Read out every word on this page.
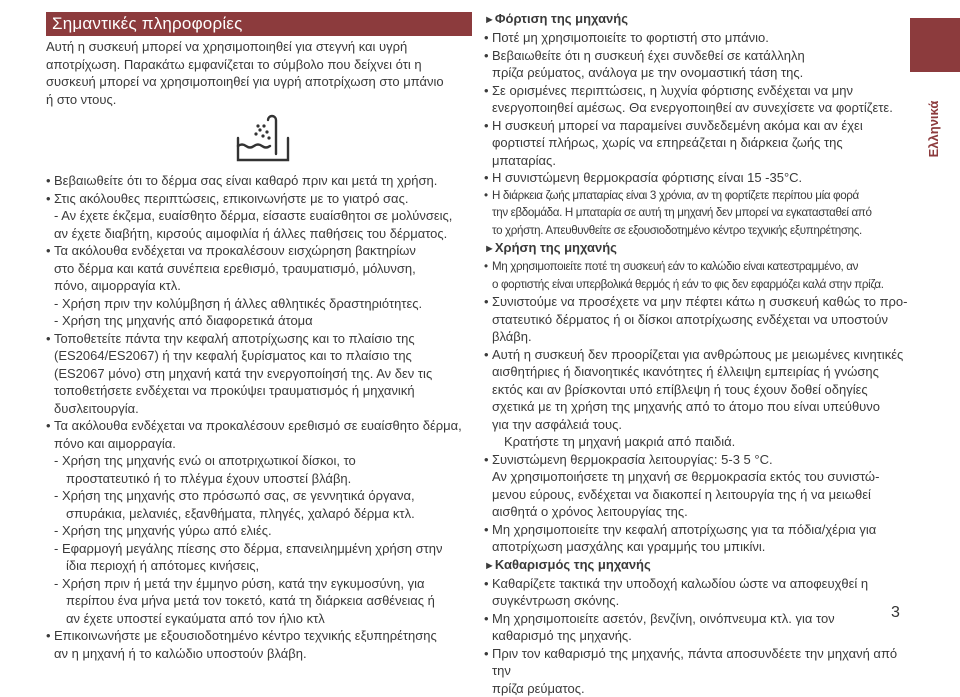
Σημαντικές πληροφορίες

Αυτή η συσκευή μπορεί να χρησιμοποιηθεί για στεγνή και υγρή

αποτρίχωση. Παρακάτω εμφανίζεται το σύμβολο που δείχνει ότι η

συσκευή μπορεί να χρησιμοποιηθεί για υγρή αποτρίχωση στο μπάνιο

ή στο ντους.

• Βεβαιωθείτε ότι το δέρμα σας είναι καθαρό πριν και μετά τη χρήση.

• Στις ακόλουθες περιπτώσεις, επικοινωνήστε με το γιατρό σας.

- Αν έχετε έκζεμα, ευαίσθητο δέρμα, είσαστε ευαίσθητοι σε μολύνσεις,

αν έχετε διαβήτη, κιρσούς αιμοφιλία ή άλλες παθήσεις του δέρματος.

• Τα ακόλουθα ενδέχεται να προκαλέσουν εισχώρηση βακτηρίων

στο δέρμα και κατά συνέπεια ερεθισμό, τραυματισμό, μόλυνση,

πόνο, αιμορραγία κτλ.

- Χρήση πριν την κολύμβηση ή άλλες αθλητικές δραστηριότητες.

- Χρήση της μηχανής από διαφορετικά άτομα

• Τοποθετείτε πάντα την κεφαλή αποτρίχωσης και το πλαίσιο της

(ES2064/ES2067) ή την κεφαλή ξυρίσματος και το πλαίσιο της

(ES2067 μόνο) στη μηχανή κατά την ενεργοποίησή της. Αν δεν τις

τοποθετήσετε ενδέχεται να προκύψει τραυματισμός ή μηχανική

δυσλειτουργία.

• Τα ακόλουθα ενδέχεται να προκαλέσουν ερεθισμό σε ευαίσθητο δέρμα,

πόνο και αιμορραγία.

- Χρήση της μηχανής ενώ οι αποτριχωτικοί δίσκοι, το

προστατευτικό ή το πλέγμα έχουν υποστεί βλάβη.

- Χρήση της μηχανής στο πρόσωπό σας, σε γεννητικά όργανα,

σπυράκια, μελανιές, εξανθήματα, πληγές, χαλαρό δέρμα κτλ.

- Χρήση της μηχανής γύρω από ελιές.

- Εφαρμογή μεγάλης πίεσης στο δέρμα, επανειλημμένη χρήση στην

ίδια περιοχή ή απότομες κινήσεις,

- Χρήση πριν ή μετά την έμμηνο ρύση, κατά την εγκυμοσύνη, για

περίπου ένα μήνα μετά τον τοκετό, κατά τη διάρκεια ασθένειας ή

αν έχετε υποστεί εγκαύματα από τον ήλιο κτλ

• Επικοινωνήστε με εξουσιοδοτημένο κέντρο τεχνικής εξυπηρέτησης

αν η μηχανή ή το καλώδιο υποστούν βλάβη.

►Φόρτιση της μηχανής

• Ποτέ μη χρησιμοποιείτε το φορτιστή στο μπάνιο.

• Βεβαιωθείτε ότι η συσκευή έχει συνδεθεί σε κατάλληλη

πρίζα ρεύματος, ανάλογα με την ονομαστική τάση της.

• Σε ορισμένες περιπτώσεις, η λυχνία φόρτισης ενδέχεται να μην

ενεργοποιηθεί αμέσως. Θα ενεργοποιηθεί αν συνεχίσετε να φορτίζετε.

• Η συσκευή μπορεί να παραμείνει συνδεδεμένη ακόμα και αν έχει

φορτιστεί πλήρως, χωρίς να επηρεάζεται η διάρκεια ζωής της μπαταρίας.

• Η συνιστώμενη θερμοκρασία φόρτισης είναι 15 -35°C.

• Η διάρκεια ζωής μπαταρίας είναι 3 χρόνια, αν τη φορτίζετε περίπου μία φορά

την εβδομάδα. Η μπαταρία σε αυτή τη μηχανή δεν μπορεί να εγκατασταθεί από

το χρήστη. Απευθυνθείτε σε εξουσιοδοτημένο κέντρο τεχνικής εξυπηρέτησης.

►Χρήση της μηχανής

• Μη χρησιμοποιείτε ποτέ τη συσκευή εάν το καλώδιο είναι κατεστραμμένο, αν

ο φορτιστής είναι υπερβολικά θερμός ή εάν το φις δεν εφαρμόζει καλά στην πρίζα.

• Συνιστούμε να προσέχετε να μην πέφτει κάτω η συσκευή καθώς το προ-

στατευτικό δέρματος ή οι δίσκοι αποτρίχωσης ενδέχεται να υποστούν βλάβη.

• Αυτή η συσκευή δεν προορίζεται για ανθρώπους με μειωμένες κινητικές

αισθητήριες ή διανοητικές ικανότητες ή έλλειψη εμπειρίας ή γνώσης

εκτός και αν βρίσκονται υπό επίβλεψη ή τους έχουν δοθεί οδηγίες

σχετικά με τη χρήση της μηχανής από το άτομο που είναι υπεύθυνο

για την ασφάλειά τους.

Κρατήστε τη μηχανή μακριά από παιδιά.

• Συνιστώμενη θερμοκρασία λειτουργίας: 5-3 5 °C.

Αν χρησιμοποιήσετε τη μηχανή σε θερμοκρασία εκτός του συνιστώ-

μενου εύρους, ενδέχεται να διακοπεί η λειτουργία της ή να μειωθεί

αισθητά ο χρόνος λειτουργίας της.

• Μη χρησιμοποιείτε την κεφαλή αποτρίχωσης για τα πόδια/χέρια για

αποτρίχωση μασχάλης και γραμμής του μπικίνι.

►Καθαρισμός της μηχανής

• Καθαρίζετε τακτικά την υποδοχή καλωδίου ώστε να αποφευχθεί η

συγκέντρωση σκόνης.

• Μη χρησιμοποιείτε ασετόν, βενζίνη, οινόπνευμα κτλ. για τον

καθαρισμό της μηχανής.

• Πριν τον καθαρισμό της μηχανής, πάντα αποσυνδέετε την μηχανή από την

πρίζα ρεύματος.

Ελληνικά
3
